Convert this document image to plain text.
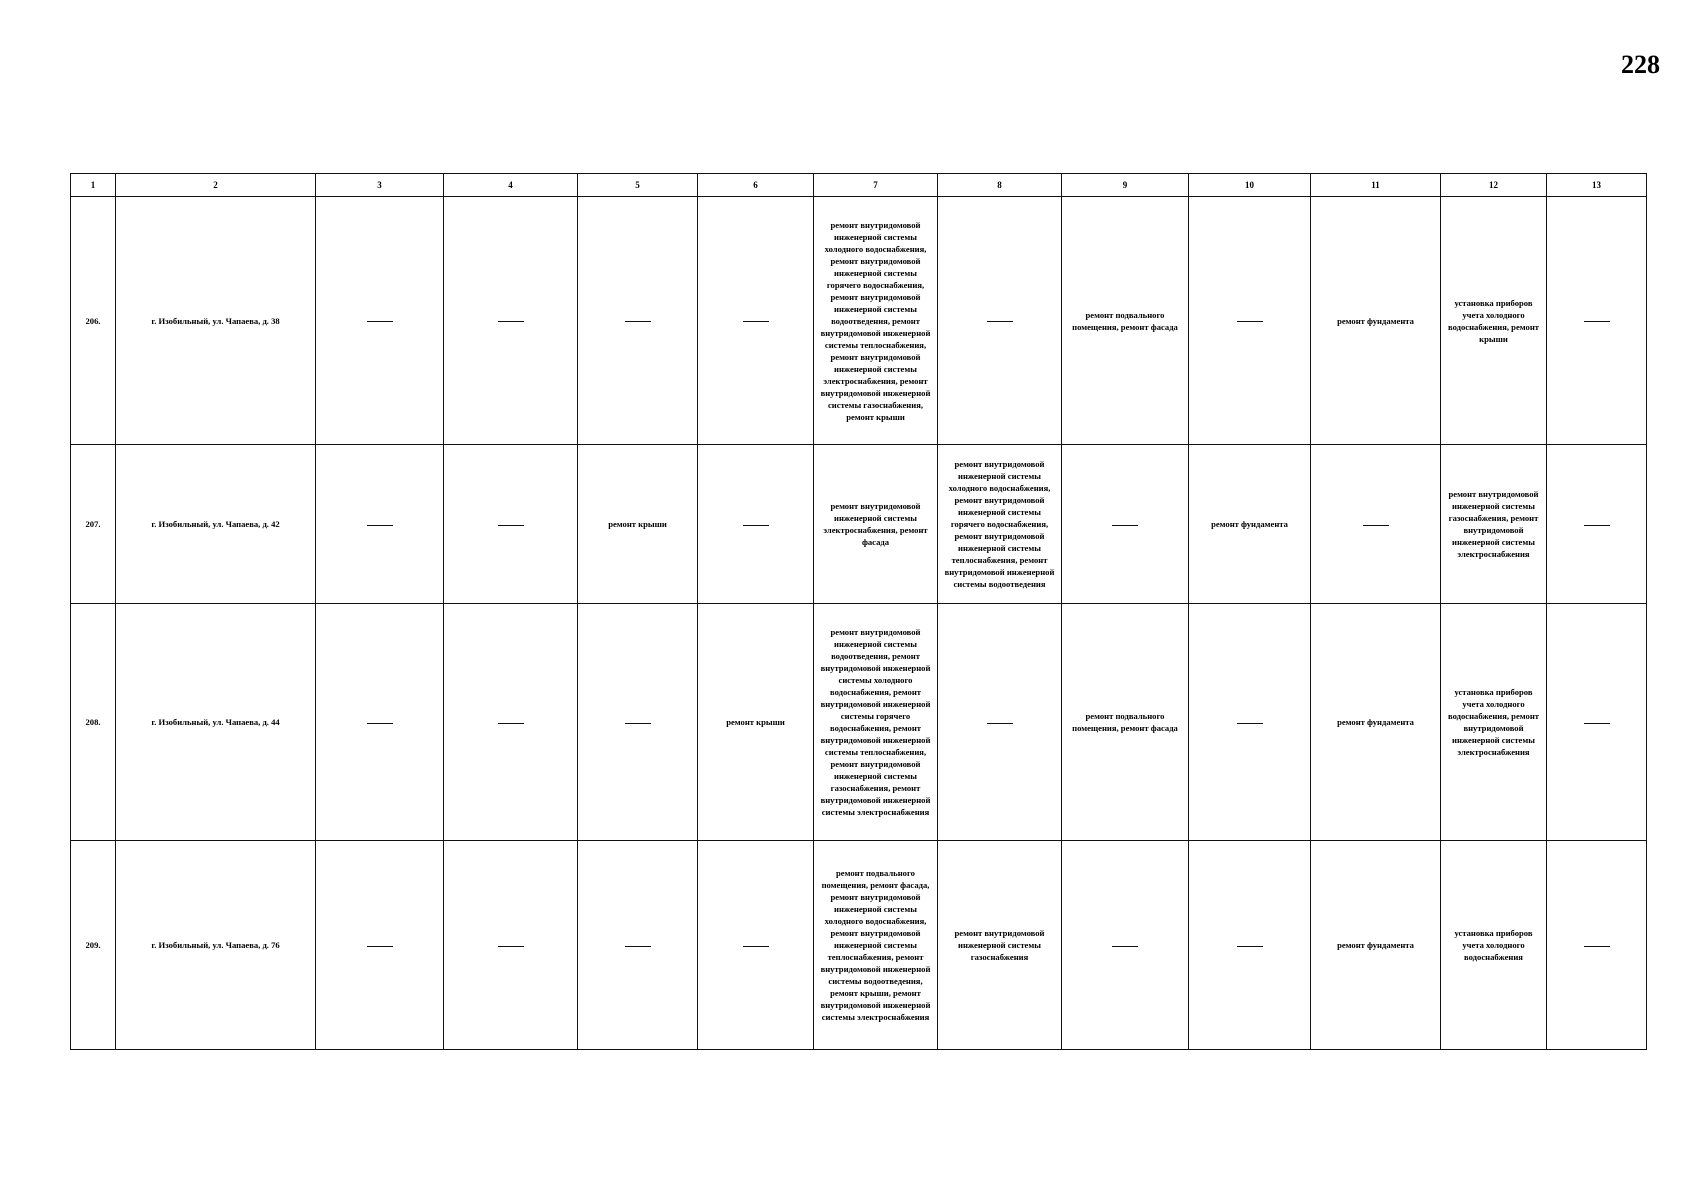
228
1	2	3	4	5	6	7	8	9	10	11	12	13
206.	г. Изобильный, ул. Чапаева, д. 38					ремонт внутридомовой инженерной системы холодного водоснабжения, ремонт внутридомовой инженерной системы горячего водоснабжения, ремонт внутридомовой инженерной системы водоотведения, ремонт внутридомовой инженерной системы теплоснабжения, ремонт внутридомовой инженерной системы электроснабжения, ремонт внутридомовой инженерной системы газоснабжения, ремонт крыши		ремонт подвального помещения, ремонт фасада		ремонт фундамента	установка приборов учета холодного водоснабжения, ремонт крыши	
207.	г. Изобильный, ул. Чапаева, д. 42			ремонт крыши		ремонт внутридомовой инженерной системы электроснабжения, ремонт фасада	ремонт внутридомовой инженерной системы холодного водоснабжения, ремонт внутридомовой инженерной системы горячего водоснабжения, ремонт внутридомовой инженерной системы теплоснабжения, ремонт внутридомовой инженерной системы водоотведения		ремонт фундамента		ремонт внутридомовой инженерной системы газоснабжения, ремонт внутридомовой инженерной системы электроснабжения	
208.	г. Изобильный, ул. Чапаева, д. 44				ремонт крыши	ремонт внутридомовой инженерной системы водоотведения, ремонт внутридомовой инженерной системы холодного водоснабжения, ремонт внутридомовой инженерной системы горячего водоснабжения, ремонт внутридомовой инженерной системы теплоснабжения, ремонт внутридомовой инженерной системы газоснабжения, ремонт внутридомовой инженерной системы электроснабжения		ремонт подвального помещения, ремонт фасада		ремонт фундамента	установка приборов учета холодного водоснабжения, ремонт внутридомовой инженерной системы электроснабжения	
209.	г. Изобильный, ул. Чапаева, д. 76					ремонт подвального помещения, ремонт фасада, ремонт внутридомовой инженерной системы холодного водоснабжения, ремонт внутридомовой инженерной системы теплоснабжения, ремонт внутридомовой инженерной системы водоотведения, ремонт крыши, ремонт внутридомовой инженерной системы электроснабжения	ремонт внутридомовой инженерной системы газоснабжения			ремонт фундамента	установка приборов учета холодного водоснабжения	
